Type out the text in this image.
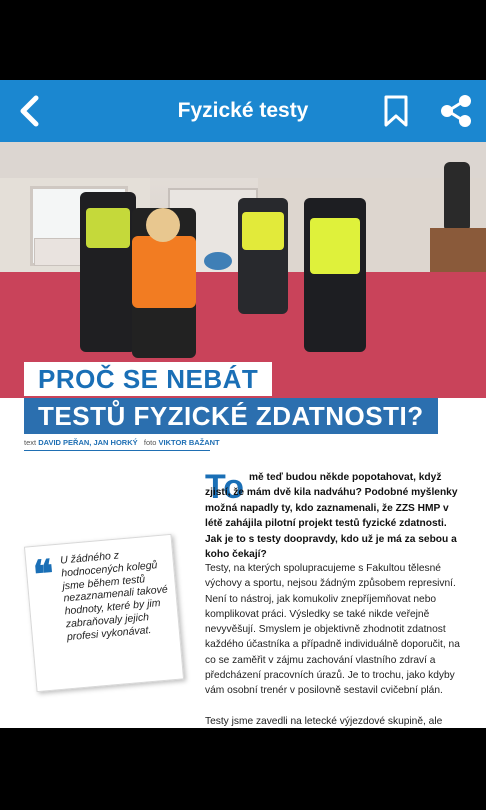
Fyzické testy
PROČ SE NEBÁT
TESTŮ FYZICKÉ ZDATNOSTI?
text DAVID PEŘAN, JAN HORKÝ foto VIKTOR BAŽANT
To mě teď budou někde popotahovat, když zjistí, že mám dvě kila nadváhu? Podobné myšlenky možná napadly ty, kdo zaznamenali, že ZZS HMP v létě zahájila pilotní projekt testů fyzické zdatnosti. Jak je to s testy doopravdy, kdo už je má za sebou a koho čekají?
❝ U žádného z hodnocených kolegů jsme během testů nezaznamenali takové hodnoty, které by jim zabraňovaly jejich profesi vykonávat.

Testy, na kterých spolupracujeme s Fakultou tělesné výchovy a sportu, nejsou žádným způsobem represivní. Není to nástroj, jak komukoliv znepříjemňovat nebo komplikovat práci. Výsledky se také nikde veřejně nevyvěšují. Smyslem je objektivně zhodnotit zdatnost každého účastníka a případně individuálně doporučit, na co se zaměřit v zájmu zachování vlastního zdraví a předcházení pracovních úrazů. Je to trochu, jako kdyby vám osobní trenér v posilovně sestavil cvičební plán.

Testy jsme zavedli na letecké výjezdové skupině, ale
